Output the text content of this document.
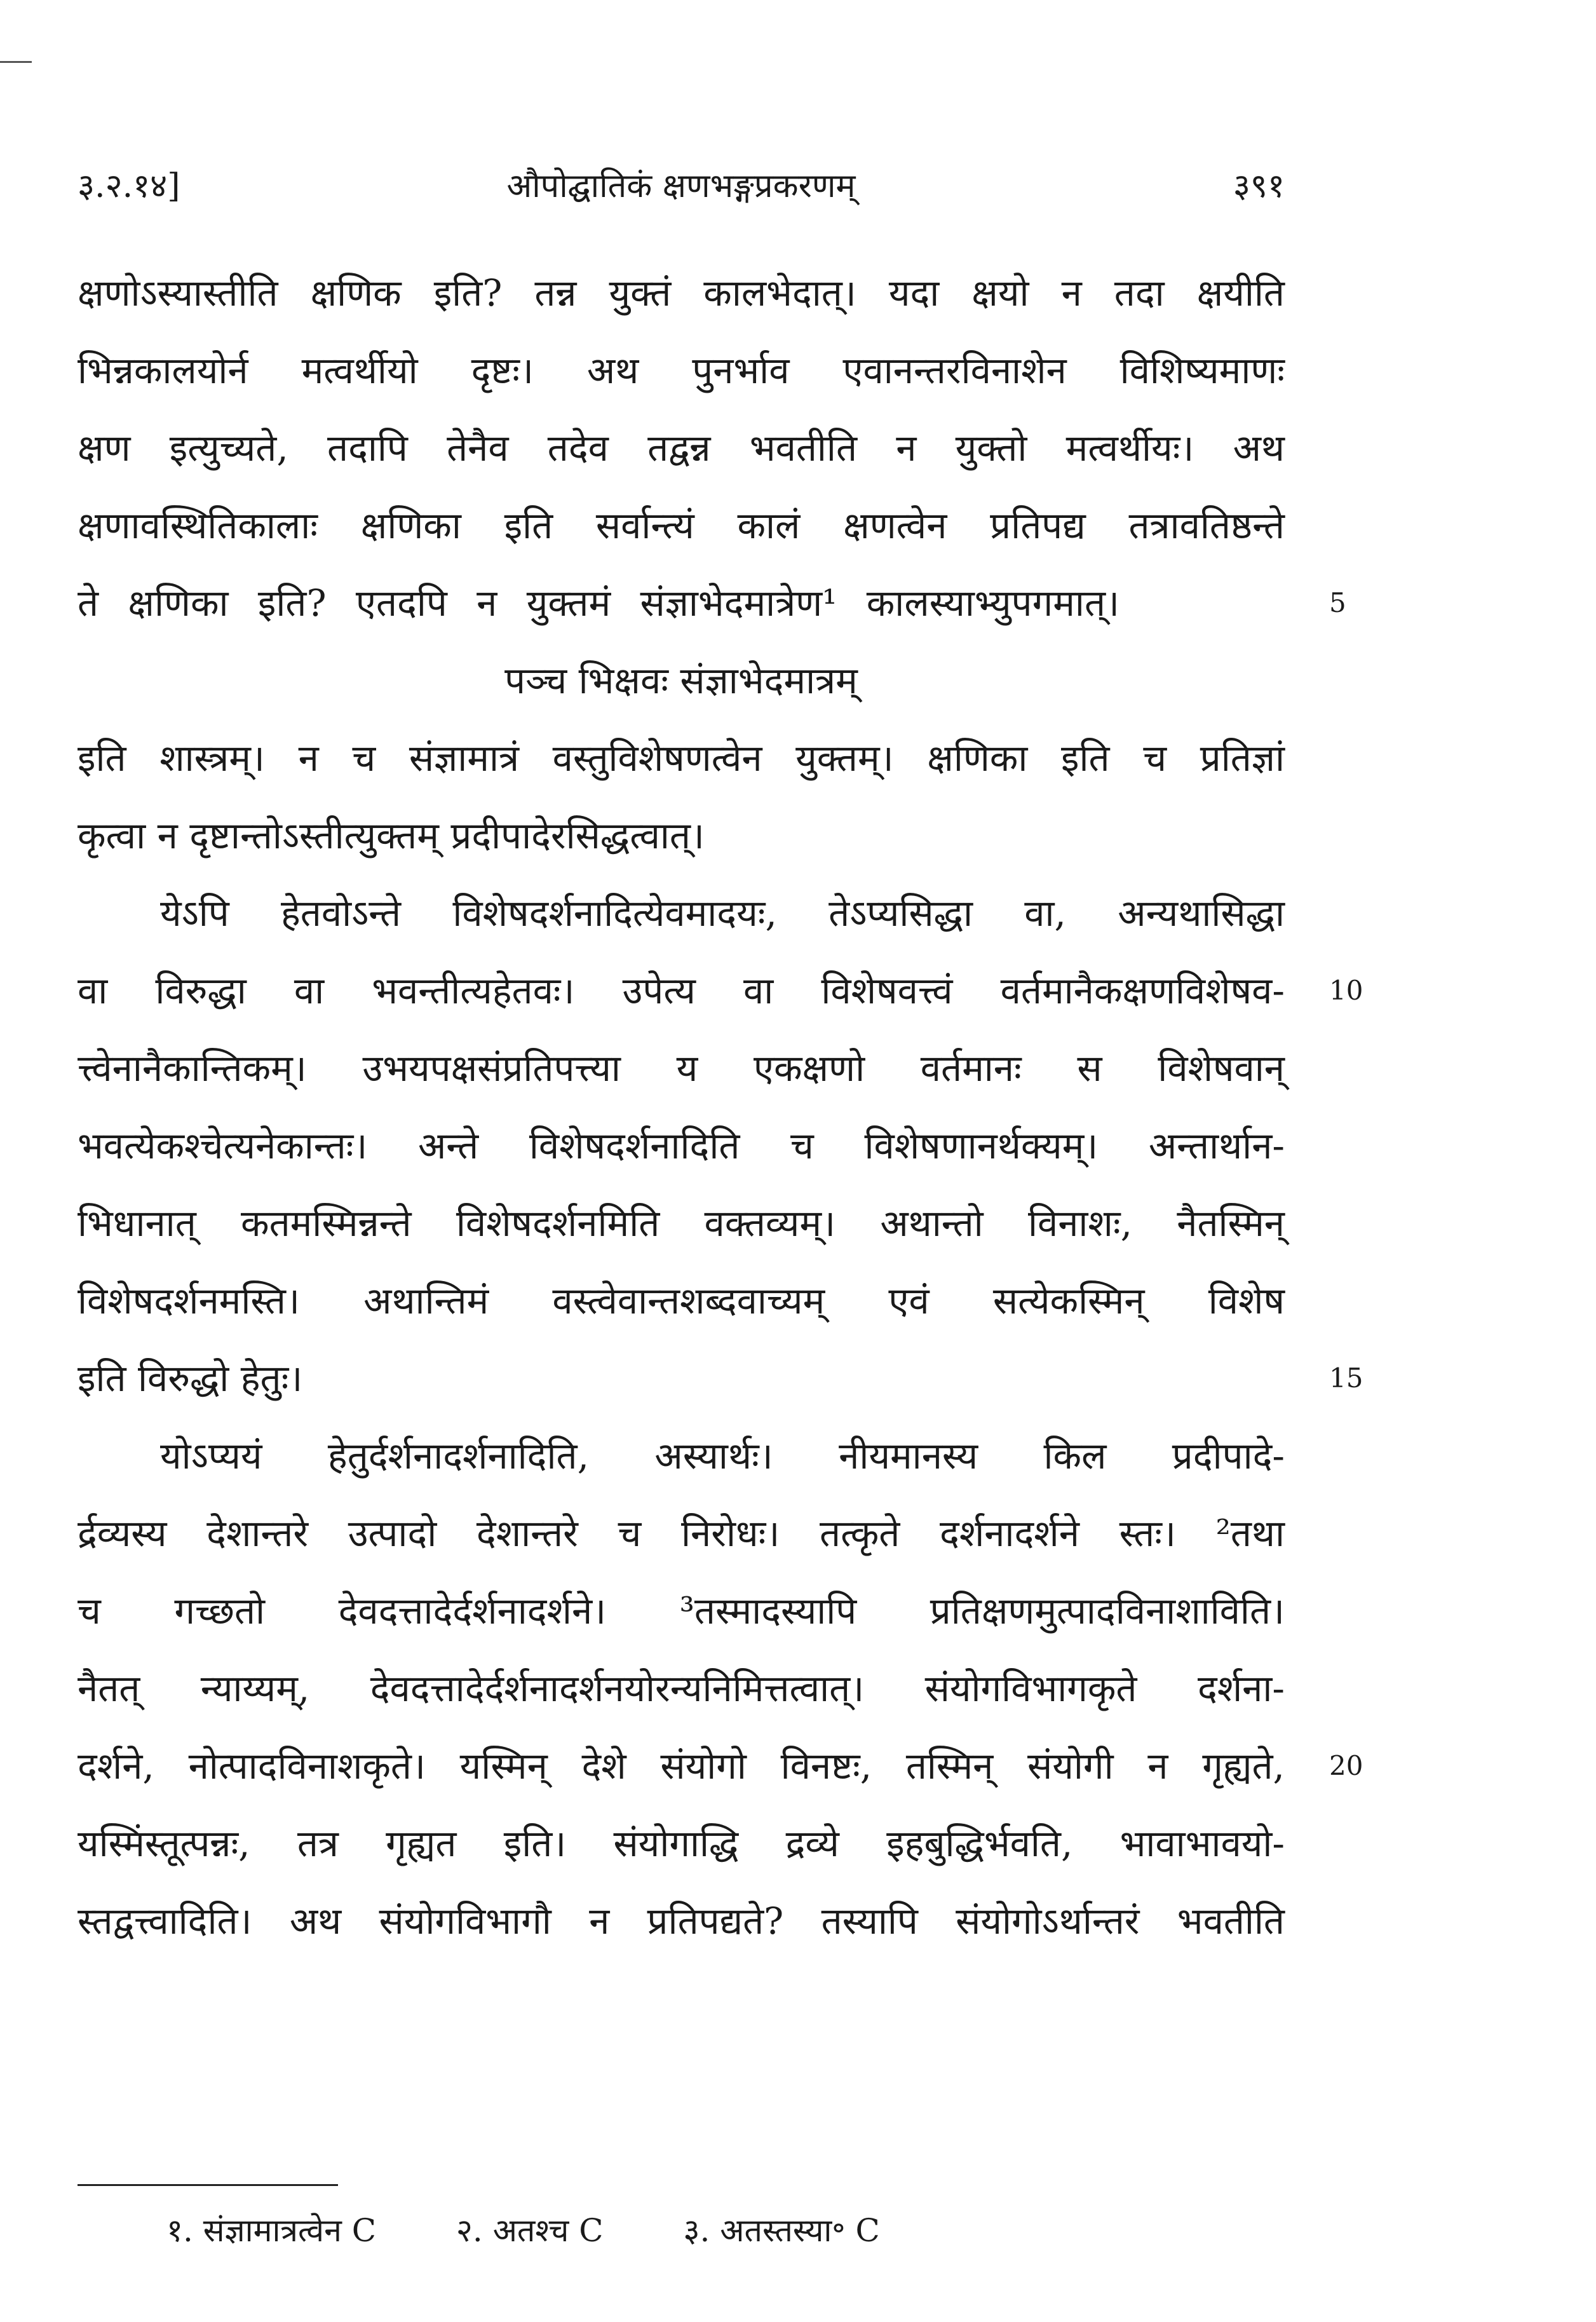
३.२.१४]	औपोद्घातिकं क्षणभङ्गप्रकरणम्	३९१
क्षणोऽस्यास्तीति क्षणिक इति? तन्न युक्तं कालभेदात्। यदा क्षयो न तदा क्षयीति
भिन्नकालयोर्न मत्वर्थीयो दृष्टः। अथ पुनर्भाव एवानन्तरविनाशेन विशिष्यमाणः
क्षण इत्युच्यते, तदापि तेनैव तदेव तद्वन्न भवतीति न युक्तो मत्वर्थीयः। अथ
क्षणावस्थितिकालाः क्षणिका इति सर्वान्त्यं कालं क्षणत्वेन प्रतिपद्य तत्रावतिष्ठन्ते
ते क्षणिका इति? एतदपि न युक्तमं संज्ञाभेदमात्रेण¹ कालस्याभ्युपगमात्।
पञ्च भिक्षवः संज्ञाभेदमात्रम्
इति शास्त्रम्। न च संज्ञामात्रं वस्तुविशेषणत्वेन युक्तम्। क्षणिका इति च प्रतिज्ञां
कृत्वा न दृष्टान्तोऽस्तीत्युक्तम् प्रदीपादेरसिद्धत्वात्।
येऽपि हेतवोऽन्ते विशेषदर्शनादित्येवमादयः, तेऽप्यसिद्धा वा, अन्यथासिद्धा
वा विरुद्धा वा भवन्तीत्यहेतवः। उपेत्य वा विशेषवत्त्वं वर्तमानैकक्षणविशेषव-
त्त्वेनानैकान्तिकम्। उभयपक्षसंप्रतिपत्त्या य एकक्षणो वर्तमानः स विशेषवान्
भवत्येकश्चेत्यनेकान्तः। अन्ते विशेषदर्शनादिति च विशेषणानर्थक्यम्। अन्तार्थान-
भिधानात् कतमस्मिन्नन्ते विशेषदर्शनमिति वक्तव्यम्। अथान्तो विनाशः, नैतस्मिन्
विशेषदर्शनमस्ति। अथान्तिमं वस्त्वेवान्तशब्दवाच्यम् एवं सत्येकस्मिन् विशेष
इति विरुद्धो हेतुः।
योऽप्ययं हेतुर्दर्शनादर्शनादिति, अस्यार्थः। नीयमानस्य किल प्रदीपादे-
र्द्रव्यस्य देशान्तरे उत्पादो देशान्तरे च निरोधः। तत्कृते दर्शनादर्शने स्तः। ²तथा
च गच्छतो देवदत्तादेर्दर्शनादर्शने। ³तस्मादस्यापि प्रतिक्षणमुत्पादविनाशाविति।
नैतत् न्याय्यम्, देवदत्तादेर्दर्शनादर्शनयोरन्यनिमित्तत्वात्। संयोगविभागकृते दर्शना-
दर्शने, नोत्पादविनाशकृते। यस्मिन् देशे संयोगो विनष्टः, तस्मिन् संयोगी न गृह्यते,
यस्मिंस्तूत्पन्नः, तत्र गृह्यत इति। संयोगाद्धि द्रव्ये इहबुद्धिर्भवति, भावाभावयो-
स्तद्वत्त्वादिति। अथ संयोगविभागौ न प्रतिपद्यते? तस्यापि संयोगोऽर्थान्तरं भवतीति
5
10
15
20
१. संज्ञामात्रत्वेन C	२. अतश्च C	३. अतस्तस्या॰ C
